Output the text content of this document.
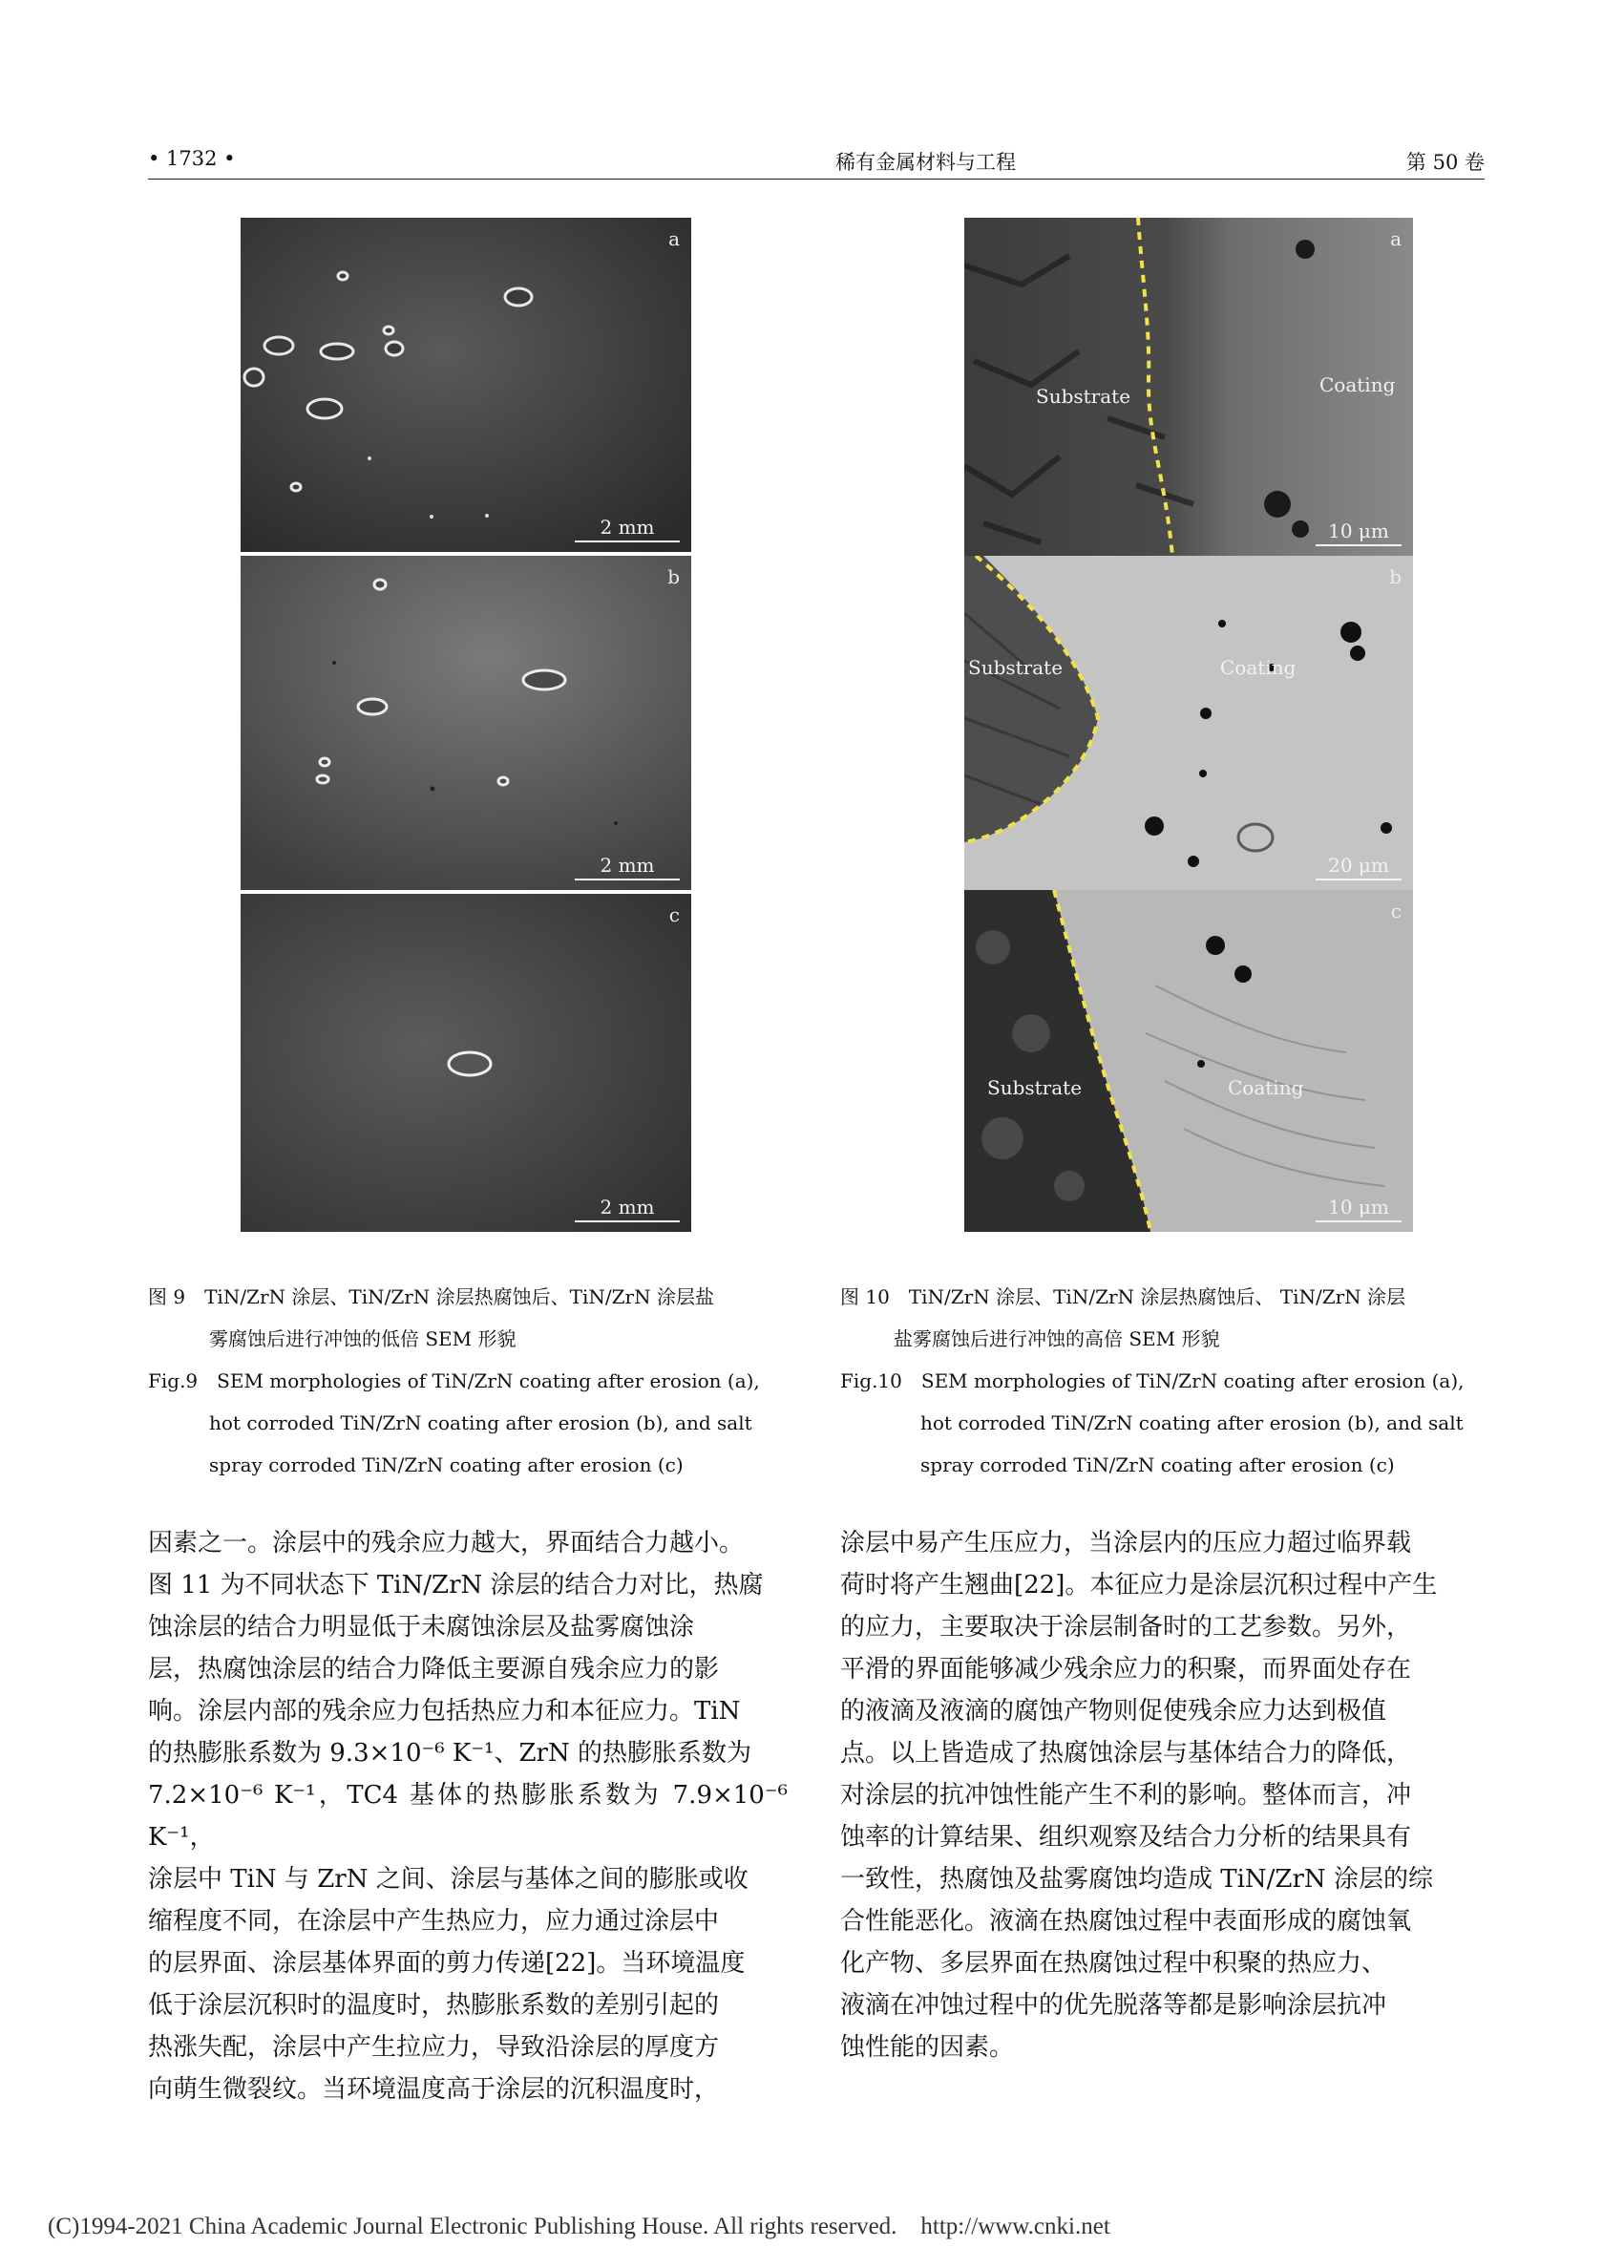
• 1732 •	稀有金属材料与工程	第 50 卷
a
2 mm
b
2 mm
c
2 mm
Substrate	Coating
a
10 μm
Substrate	Coating
b
20 μm
Substrate	Coating
c
10 μm
图 9　TiN/ZrN 涂层、TiN/ZrN 涂层热腐蚀后、TiN/ZrN 涂层盐
雾腐蚀后进行冲蚀的低倍 SEM 形貌
Fig.9　SEM morphologies of TiN/ZrN coating after erosion (a),
hot corroded TiN/ZrN coating after erosion (b), and salt
spray corroded TiN/ZrN coating after erosion (c)
图 10　TiN/ZrN 涂层、TiN/ZrN 涂层热腐蚀后、 TiN/ZrN 涂层
盐雾腐蚀后进行冲蚀的高倍 SEM 形貌
Fig.10　SEM morphologies of TiN/ZrN coating after erosion (a),
hot corroded TiN/ZrN coating after erosion (b), and salt
spray corroded TiN/ZrN coating after erosion (c)

因素之一。涂层中的残余应力越大，界面结合力越小。

图 11 为不同状态下 TiN/ZrN 涂层的结合力对比，热腐

蚀涂层的结合力明显低于未腐蚀涂层及盐雾腐蚀涂

层，热腐蚀涂层的结合力降低主要源自残余应力的影

响。涂层内部的残余应力包括热应力和本征应力。TiN

的热膨胀系数为 9.3×10⁻⁶ K⁻¹、ZrN 的热膨胀系数为

7.2×10⁻⁶ K⁻¹，TC4 基体的热膨胀系数为 7.9×10⁻⁶ K⁻¹，

涂层中 TiN 与 ZrN 之间、涂层与基体之间的膨胀或收

缩程度不同，在涂层中产生热应力，应力通过涂层中

的层界面、涂层基体界面的剪力传递[22]。当环境温度

低于涂层沉积时的温度时，热膨胀系数的差别引起的

热涨失配，涂层中产生拉应力，导致沿涂层的厚度方

向萌生微裂纹。当环境温度高于涂层的沉积温度时，

涂层中易产生压应力，当涂层内的压应力超过临界载

荷时将产生翘曲[22]。本征应力是涂层沉积过程中产生

的应力，主要取决于涂层制备时的工艺参数。另外，

平滑的界面能够减少残余应力的积聚，而界面处存在

的液滴及液滴的腐蚀产物则促使残余应力达到极值

点。以上皆造成了热腐蚀涂层与基体结合力的降低，

对涂层的抗冲蚀性能产生不利的影响。整体而言，冲

蚀率的计算结果、组织观察及结合力分析的结果具有

一致性，热腐蚀及盐雾腐蚀均造成 TiN/ZrN 涂层的综

合性能恶化。液滴在热腐蚀过程中表面形成的腐蚀氧

化产物、多层界面在热腐蚀过程中积聚的热应力、

液滴在冲蚀过程中的优先脱落等都是影响涂层抗冲

蚀性能的因素。

(C)1994-2021 China Academic Journal Electronic Publishing House. All rights reserved.    http://www.cnki.net
